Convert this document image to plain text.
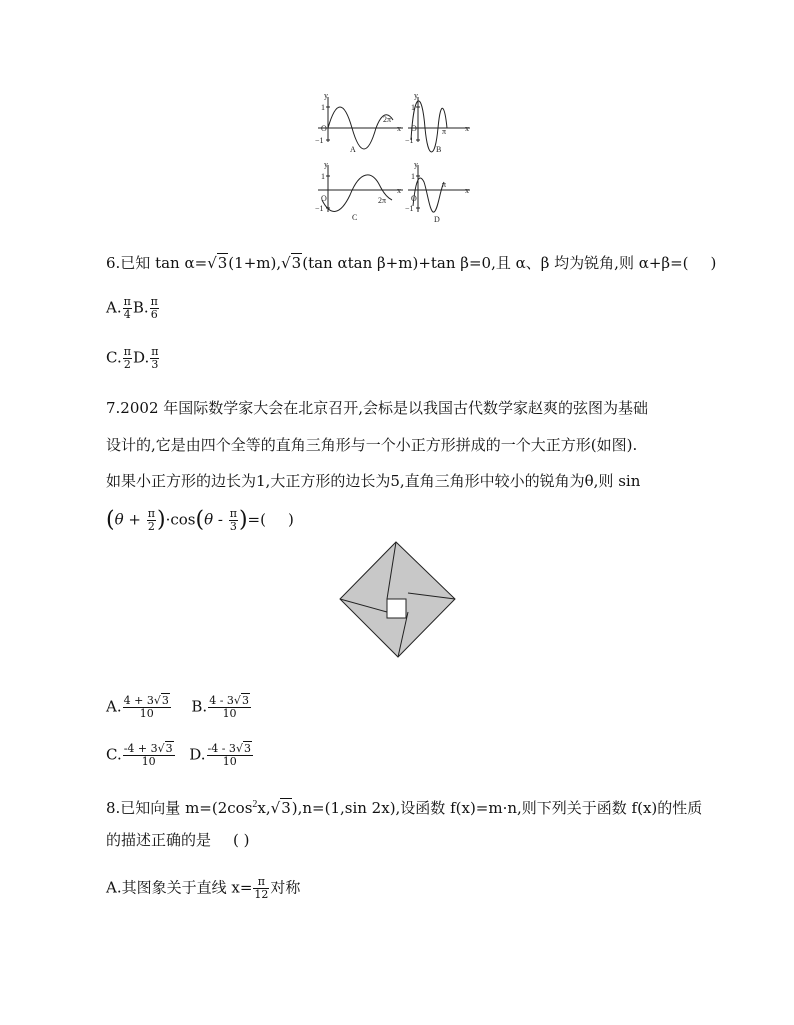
y
1
−1
O
2π
x
A
y
1
−1
O	π x
B
y
1
−1
O	2π
x
C
y
1
−1
O
π
x
D
6.已知 tan α=√3(1+m),√3(tan αtan β+m)+tan β=0,且 α、β 均为锐角,则 α+β=( )
A. $\frac{\pi}{4} B$. $\frac{\pi}{6}$
C. $\frac{\pi}{2} D$. $\frac{\pi}{3}$
7.2002 年国际数学家大会在北京召开,会标是以我国古代数学家赵爽的弦图为基础
设计的,它是由四个全等的直角三角形与一个小正方形拼成的一个大正方形(如图).
如果小正方形的边长为1,大正方形的边长为5,直角三角形中较小的锐角为θ,则 sin
$(\theta + \frac{\pi}{2} )\cdot\cos(\theta - \frac{\pi}{3}$ )=( )
A. $\frac{4 + 3√3}{10} B$. $\frac{4 - 3√3}{10}$
C. $\frac{-4 + 3√3}{10} D$. $\frac{-4 - 3√3}{10}$
8.已知向量 $m=(2\cos^2x,√3),n=(1,\sin$ 2x),设函数 f(x)=m·n,则下列关于函数 f(x)的性质
的描述正确的是 ( )
A.其图象关于直线 $x= \frac{\pi}{12}$ 对称
